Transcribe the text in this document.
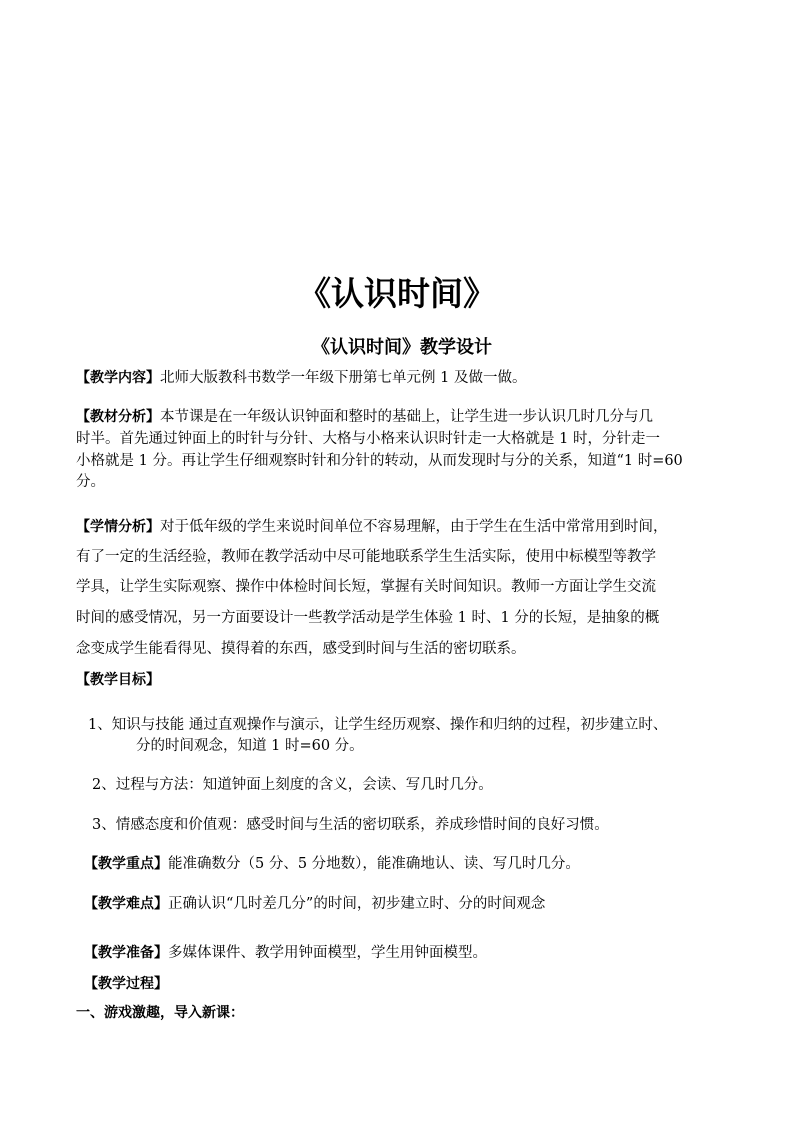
《认识时间》
《认识时间》教学设计
【教学内容】北师大版教科书数学一年级下册第七单元例 1 及做一做。
【教材分析】本节课是在一年级认识钟面和整时的基础上，让学生进一步认识几时几分与几
时半。首先通过钟面上的时针与分针、大格与小格来认识时针走一大格就是 1 时，分针走一
小格就是 1 分。再让学生仔细观察时针和分针的转动，从而发现时与分的关系，知道“1 时=60
分。
【学情分析】对于低年级的学生来说时间单位不容易理解，由于学生在生活中常常用到时间，
有了一定的生活经验，教师在教学活动中尽可能地联系学生生活实际，使用中标模型等教学
学具，让学生实际观察、操作中体检时间长短，掌握有关时间知识。教师一方面让学生交流
时间的感受情况，另一方面要设计一些教学活动是学生体验 1 时、1 分的长短，是抽象的概
念变成学生能看得见、摸得着的东西，感受到时间与生活的密切联系。
【教学目标】
1、知识与技能 通过直观操作与演示，让学生经历观察、操作和归纳的过程，初步建立时、
分的时间观念，知道 1 时=60 分。
2、过程与方法：知道钟面上刻度的含义，会读、写几时几分。
3、情感态度和价值观：感受时间与生活的密切联系，养成珍惜时间的良好习惯。
【教学重点】能准确数分（5 分、5 分地数），能准确地认、读、写几时几分。
【教学难点】正确认识“几时差几分”的时间，初步建立时、分的时间观念
【教学准备】多媒体课件、教学用钟面模型，学生用钟面模型。
【教学过程】
一、游戏激趣，导入新课：
